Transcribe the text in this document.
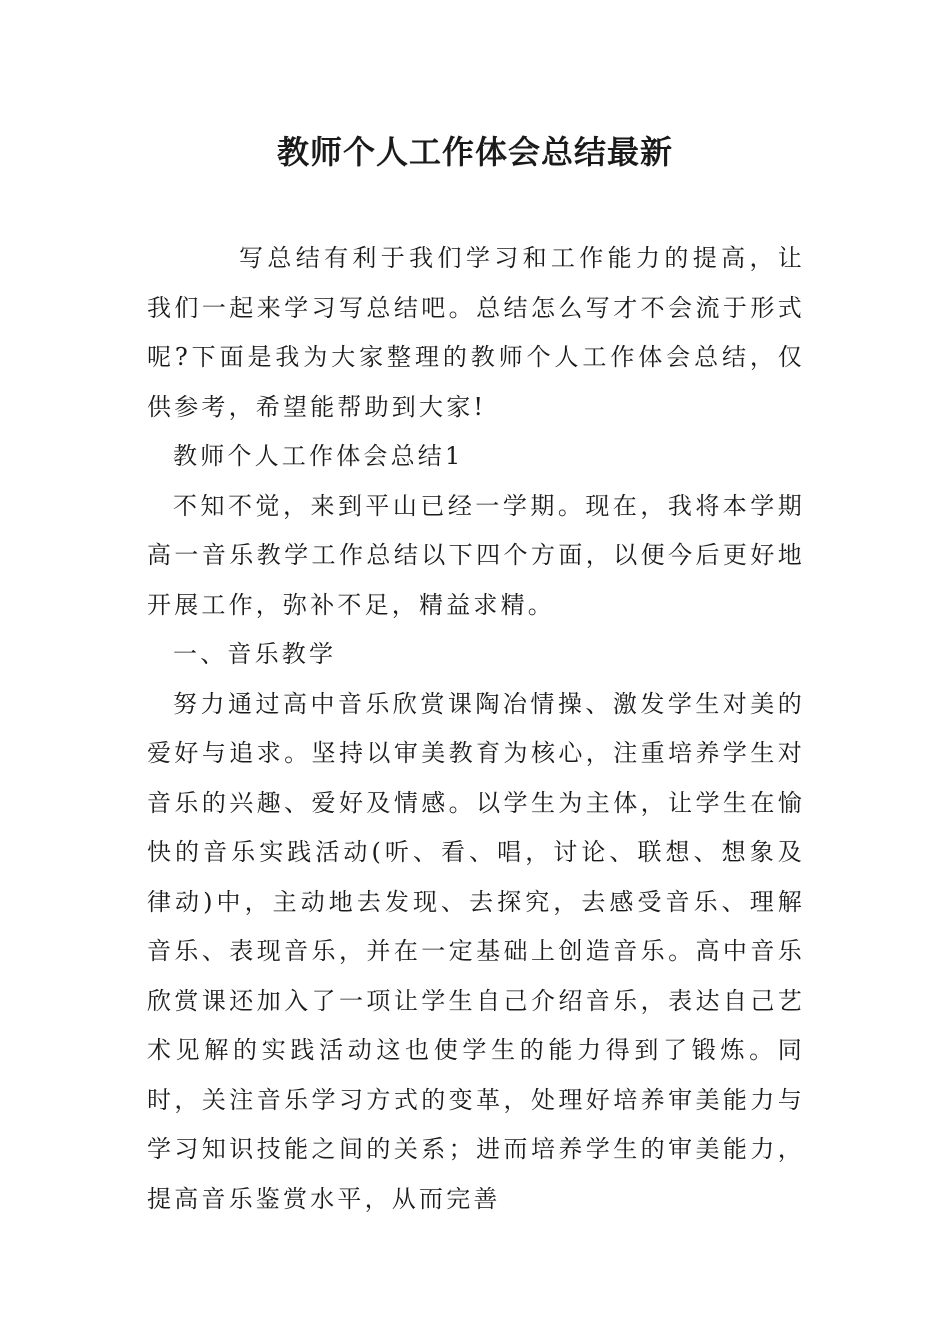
教师个人工作体会总结最新

写总结有利于我们学习和工作能力的提高，让我们一起来学习写总结吧。总结怎么写才不会流于形式呢?下面是我为大家整理的教师个人工作体会总结，仅供参考，希望能帮助到大家!

教师个人工作体会总结1

不知不觉，来到平山已经一学期。现在，我将本学期高一音乐教学工作总结以下四个方面，以便今后更好地开展工作，弥补不足，精益求精。

一、音乐教学

努力通过高中音乐欣赏课陶冶情操、激发学生对美的爱好与追求。坚持以审美教育为核心，注重培养学生对音乐的兴趣、爱好及情感。以学生为主体，让学生在愉快的音乐实践活动(听、看、唱，讨论、联想、想象及律动)中，主动地去发现、去探究，去感受音乐、理解音乐、表现音乐，并在一定基础上创造音乐。高中音乐欣赏课还加入了一项让学生自己介绍音乐，表达自己艺术见解的实践活动这也使学生的能力得到了锻炼。同时，关注音乐学习方式的变革，处理好培养审美能力与学习知识技能之间的关系；进而培养学生的审美能力，提高音乐鉴赏水平，从而完善
